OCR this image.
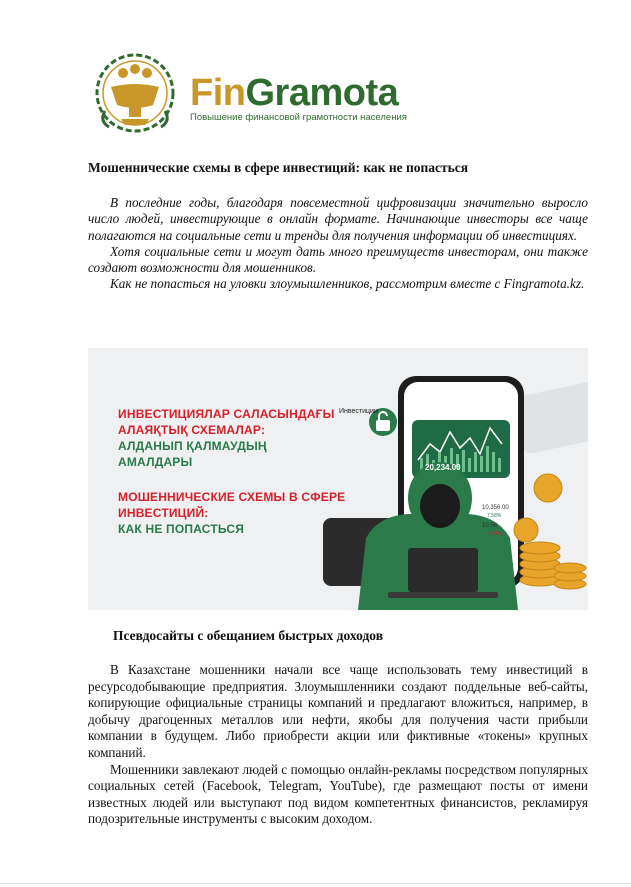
FinGramota
Повышение финансовой грамотности населения
Мошеннические схемы в сфере инвестиций: как не попасться

В последние годы, благодаря повсеместной цифровизации значительно выросло число людей, инвестирующие в онлайн формате. Начинающие инвесторы все чаще полагаются на социальные сети и тренды для получения информации об инвестициях.

Хотя социальные сети и могут дать много преимуществ инвесторам, они также создают возможности для мошенников.

Как не попасться на уловки злоумышленников, рассмотрим вместе с Fingramota.kz.

ИНВЕСТИЦИЯЛАР САЛАСЫНДАҒЫ
АЛАЯҚТЫҚ СХЕМАЛАР:
АЛДАНЫП ҚАЛМАУДЫҢ
АМАЛДАРЫ
МОШЕННИЧЕСКИЕ СХЕМЫ В СФЕРЕ
ИНВЕСТИЦИЙ:
КАК НЕ ПОПАСТЬСЯ
Инвестиции
20,234.00
10,356.00
7.58%
10,56
-6.28%
Псевдосайты с обещанием быстрых доходов

В Казахстане мошенники начали все чаще использовать тему инвестиций в ресурсодобывающие предприятия. Злоумышленники создают поддельные веб-сайты, копирующие официальные страницы компаний и предлагают вложиться, например, в добычу драгоценных металлов или нефти, якобы для получения части прибыли компании в будущем. Либо приобрести акции или фиктивные «токены» крупных компаний.

Мошенники завлекают людей с помощью онлайн-рекламы посредством популярных социальных сетей (Facebook, Telegram, YouTube), где размещают посты от имени известных людей или выступают под видом компетентных финансистов, рекламируя подозрительные инструменты с высоким доходом.
